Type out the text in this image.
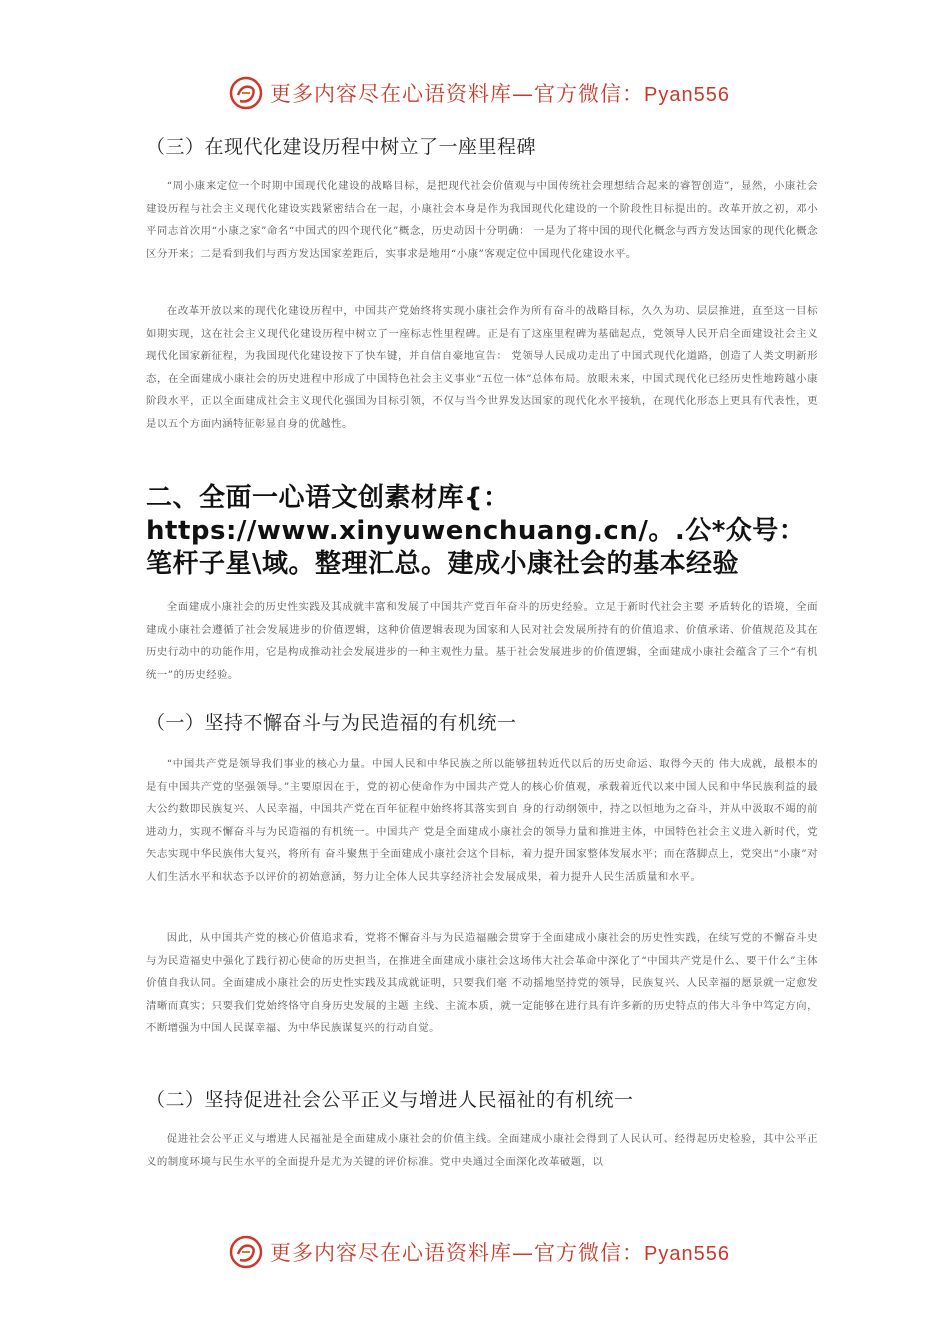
更多内容尽在心语资料库—官方微信：Pyan556
（三）在现代化建设历程中树立了一座里程碑

“周小康来定位一个时期中国现代化建设的战略目标，是把现代社会价值观与中国传统社会理想结合起来的睿智创造”，显然，小康社会建设历程与社会主义现代化建设实践紧密结合在一起，小康社会本身是作为我国现代化建设的一个阶段性目标提出的。改革开放之初，邓小平同志首次用“小康之家”命名“中国式的四个现代化”概念，历史动因十分明确： 一是为了将中国的现代化概念与西方发达国家的现代化概念区分开来；二是看到我们与西方发达国家差距后，实事求是地用“小康”客观定位中国现代化建设水平。

在改革开放以来的现代化建设历程中，中国共产党始终将实现小康社会作为所有奋斗的战略目标，久久为功、层层推进，直至这一目标如期实现，这在社会主义现代化建设历程中树立了一座标志性里程碑。正是有了这座里程碑为基础起点，党领导人民开启全面建设社会主义现代化国家新征程，为我国现代化建设按下了快车键，并自信自豪地宣告： 党领导人民成功走出了中国式现代化道路，创造了人类文明新形态，在全面建成小康社会的历史进程中形成了中国特色社会主义事业“五位一体”总体布局。放眼未来，中国式现代化已经历史性地跨越小康阶段水平，正以全面建成社会主义现代化强国为目标引领，不仅与当今世界发达国家的现代化水平接轨，在现代化形态上更具有代表性，更是以五个方面内涵特征彰显自身的优越性。

二、全面一心语文创素材库{：https://www.xinyuwenchuang.cn/。.公*众号：笔杆子星\域。整理汇总。建成小康社会的基本经验

全面建成小康社会的历史性实践及其成就丰富和发展了中国共产党百年奋斗的历史经验。立足于新时代社会主要 矛盾转化的语境，全面建成小康社会遵循了社会发展进步的价值逻辑，这种价值逻辑表现为国家和人民对社会发展所持有的价值追求、价值承诺、价值规范及其在历史行动中的功能作用，它是构成推动社会发展进步的一种主观性力量。基于社会发展进步的价值逻辑，全面建成小康社会蕴含了三个“有机统一”的历史经验。

（一）坚持不懈奋斗与为民造福的有机统一

“中国共产党是领导我们事业的核心力量。中国人民和中华民族之所以能够扭转近代以后的历史命运、取得今天的 伟大成就，最根本的是有中国共产党的坚强领导。”主要原因在于，党的初心使命作为中国共产党人的核心价值观，承载着近代以来中国人民和中华民族利益的最大公约数即民族复兴、人民幸福，中国共产党在百年征程中始终将其落实到自 身的行动纲领中，持之以恒地为之奋斗，并从中汲取不竭的前进动力，实现不懈奋斗与为民造福的有机统一。中国共产 党是全面建成小康社会的领导力量和推进主体，中国特色社会主义进入新时代，党矢志实现中华民族伟大复兴，将所有 奋斗聚焦于全面建成小康社会这个目标，着力提升国家整体发展水平；而在落脚点上，党突出“小康”对人们生活水平和状态予以评价的初始意涵，努力让全体人民共享经济社会发展成果，着力提升人民生活质量和水平。

因此，从中国共产党的核心价值追求看，党将不懈奋斗与为民造福融会贯穿于全面建成小康社会的历史性实践，在续写党的不懈奋斗史与为民造福史中强化了践行初心使命的历史担当，在推进全面建成小康社会这场伟大社会革命中深化了“中国共产党是什么、要干什么”主体价值自我认同。全面建成小康社会的历史性实践及其成就证明，只要我们毫 不动摇地坚持党的领导，民族复兴、人民幸福的愿景就一定愈发清晰而真实；只要我们党始终恪守自身历史发展的主题 主线、主流本质，就一定能够在进行具有许多新的历史特点的伟大斗争中笃定方向，不断增强为中国人民谋幸福、为中华民族谋复兴的行动自觉。

（二）坚持促进社会公平正义与增进人民福祉的有机统一

促进社会公平正义与增进人民福祉是全面建成小康社会的价值主线。全面建成小康社会得到了人民认可、经得起历史检验，其中公平正义的制度环境与民生水平的全面提升是尤为关键的评价标准。党中央通过全面深化改革破题，以

更多内容尽在心语资料库—官方微信：Pyan556
